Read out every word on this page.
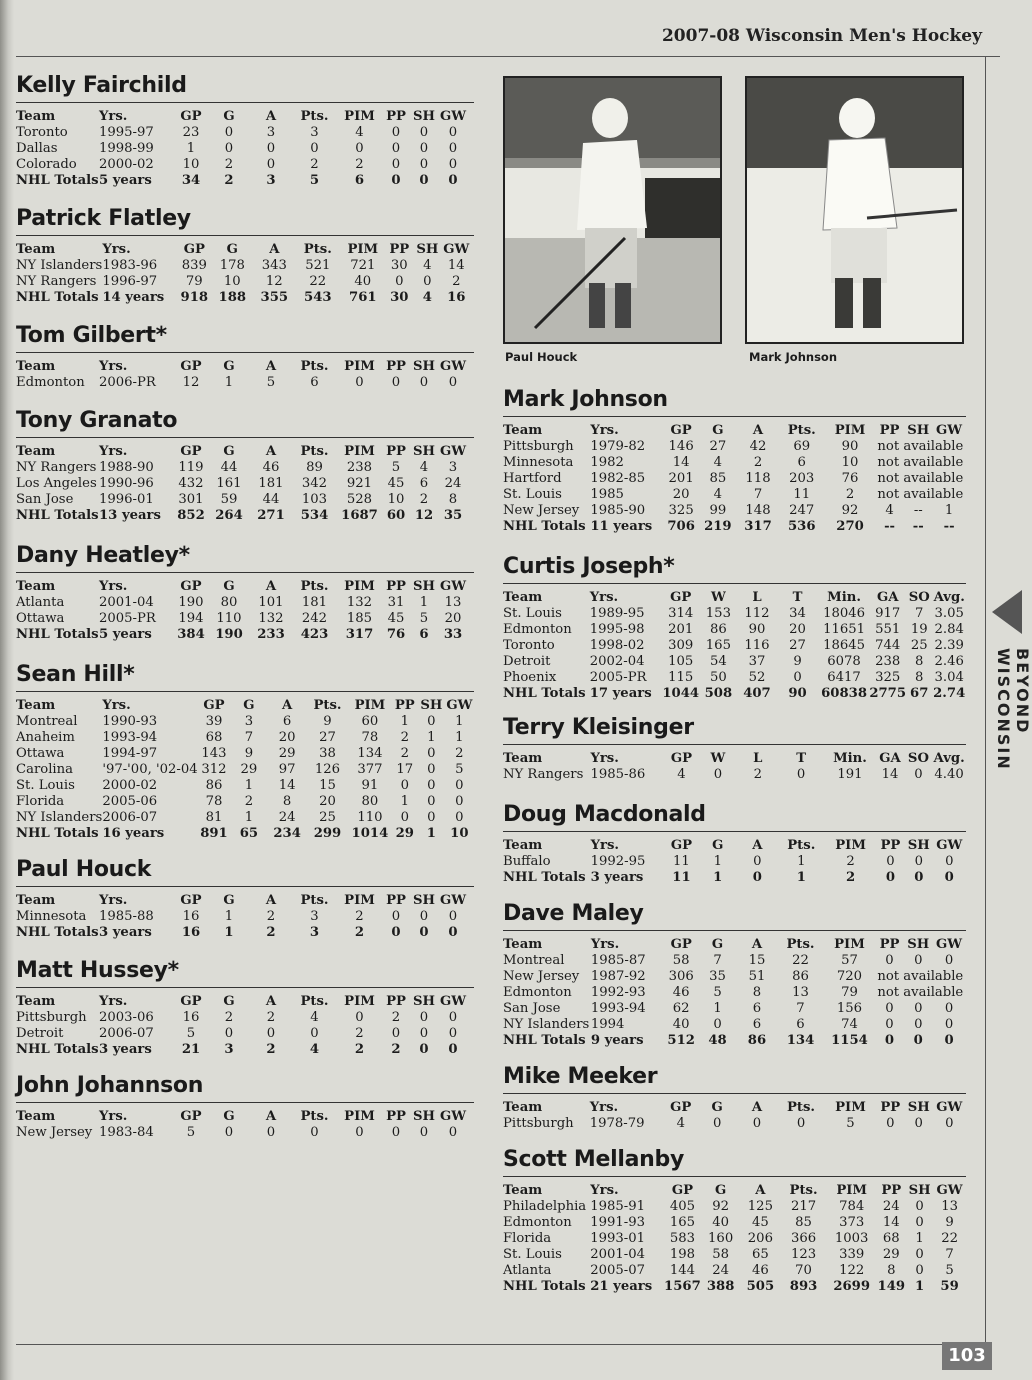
2007-08 Wisconsin Men's Hockey
Kelly Fairchild
Team	Yrs.	GP	G	A	Pts.	PIM	PP	SH	GW
Toronto	1995-97	23	0	3	3	4	0	0	0
Dallas	1998-99	1	0	0	0	0	0	0	0
Colorado	2000-02	10	2	0	2	2	0	0	0
NHL Totals	5 years	34	2	3	5	6	0	0	0
Patrick Flatley
Team	Yrs.	GP	G	A	Pts.	PIM	PP	SH	GW
NY Islanders	1983-96	839	178	343	521	721	30	4	14
NY Rangers	1996-97	79	10	12	22	40	0	0	2
NHL Totals	14 years	918	188	355	543	761	30	4	16
Tom Gilbert*
Team	Yrs.	GP	G	A	Pts.	PIM	PP	SH	GW
Edmonton	2006-PR	12	1	5	6	0	0	0	0
Tony Granato
Team	Yrs.	GP	G	A	Pts.	PIM	PP	SH	GW
NY Rangers	1988-90	119	44	46	89	238	5	4	3
Los Angeles	1990-96	432	161	181	342	921	45	6	24
San Jose	1996-01	301	59	44	103	528	10	2	8
NHL Totals	13 years	852	264	271	534	1687	60	12	35
Dany Heatley*
Team	Yrs.	GP	G	A	Pts.	PIM	PP	SH	GW
Atlanta	2001-04	190	80	101	181	132	31	1	13
Ottawa	2005-PR	194	110	132	242	185	45	5	20
NHL Totals	5 years	384	190	233	423	317	76	6	33
Sean Hill*
Team	Yrs.	GP	G	A	Pts.	PIM	PP	SH	GW
Montreal	1990-93	39	3	6	9	60	1	0	1
Anaheim	1993-94	68	7	20	27	78	2	1	1
Ottawa	1994-97	143	9	29	38	134	2	0	2
Carolina	'97-'00, '02-04	312	29	97	126	377	17	0	5
St. Louis	2000-02	86	1	14	15	91	0	0	0
Florida	2005-06	78	2	8	20	80	1	0	0
NY Islanders	2006-07	81	1	24	25	110	0	0	0
NHL Totals	16 years	891	65	234	299	1014	29	1	10
Paul Houck
Team	Yrs.	GP	G	A	Pts.	PIM	PP	SH	GW
Minnesota	1985-88	16	1	2	3	2	0	0	0
NHL Totals	3 years	16	1	2	3	2	0	0	0
Matt Hussey*
Team	Yrs.	GP	G	A	Pts.	PIM	PP	SH	GW
Pittsburgh	2003-06	16	2	2	4	0	2	0	0
Detroit	2006-07	5	0	0	0	2	0	0	0
NHL Totals	3 years	21	3	2	4	2	2	0	0
John Johannson
Team	Yrs.	GP	G	A	Pts.	PIM	PP	SH	GW
New Jersey	1983-84	5	0	0	0	0	0	0	0
Paul Houck	Mark Johnson
Mark Johnson
Team	Yrs.	GP	G	A	Pts.	PIM	PP	SH	GW
Pittsburgh	1979-82	146	27	42	69	90	not available		
Minnesota	1982	14	4	2	6	10	not available		
Hartford	1982-85	201	85	118	203	76	not available		
St. Louis	1985	20	4	7	11	2	not available		
New Jersey	1985-90	325	99	148	247	92	4	--	1
NHL Totals	11 years	706	219	317	536	270	--	--	--
Curtis Joseph*
Team	Yrs.	GP	W	L	T	Min.	GA	SO	Avg.
St. Louis	1989-95	314	153	112	34	18046	917	7	3.05
Edmonton	1995-98	201	86	90	20	11651	551	19	2.84
Toronto	1998-02	309	165	116	27	18645	744	25	2.39
Detroit	2002-04	105	54	37	9	6078	238	8	2.46
Phoenix	2005-PR	115	50	52	0	6417	325	8	3.04
NHL Totals	17 years	1044	508	407	90	60838	2775	67	2.74
Terry Kleisinger
Team	Yrs.	GP	W	L	T	Min.	GA	SO	Avg.
NY Rangers	1985-86	4	0	2	0	191	14	0	4.40
Doug Macdonald
Team	Yrs.	GP	G	A	Pts.	PIM	PP	SH	GW
Buffalo	1992-95	11	1	0	1	2	0	0	0
NHL Totals	3 years	11	1	0	1	2	0	0	0
Dave Maley
Team	Yrs.	GP	G	A	Pts.	PIM	PP	SH	GW
Montreal	1985-87	58	7	15	22	57	0	0	0
New Jersey	1987-92	306	35	51	86	720	not available		
Edmonton	1992-93	46	5	8	13	79	not available		
San Jose	1993-94	62	1	6	7	156	0	0	0
NY Islanders	1994	40	0	6	6	74	0	0	0
NHL Totals	9 years	512	48	86	134	1154	0	0	0
Mike Meeker
Team	Yrs.	GP	G	A	Pts.	PIM	PP	SH	GW
Pittsburgh	1978-79	4	0	0	0	5	0	0	0
Scott Mellanby
Team	Yrs.	GP	G	A	Pts.	PIM	PP	SH	GW
Philadelphia	1985-91	405	92	125	217	784	24	0	13
Edmonton	1991-93	165	40	45	85	373	14	0	9
Florida	1993-01	583	160	206	366	1003	68	1	22
St. Louis	2001-04	198	58	65	123	339	29	0	7
Atlanta	2005-07	144	24	46	70	122	8	0	5
NHL Totals	21 years	1567	388	505	893	2699	149	1	59
BEYOND WISCONSIN
103
